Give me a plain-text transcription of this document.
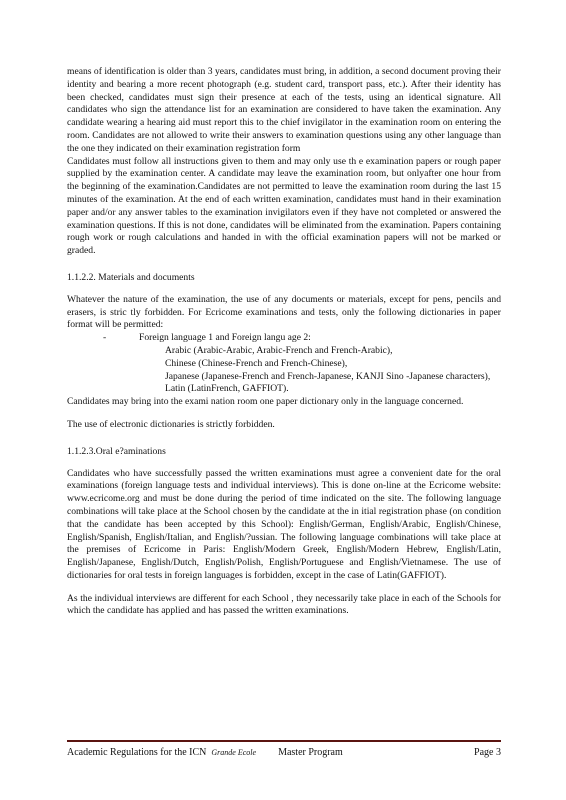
means of identification is older than 3 years, candidates must bring, in addition, a second document proving their identity and bearing a more recent photograph (e.g. student card, transport pass, etc.). After their identity has been checked, candidates must sign their presence at each of the tests, using an identical signature. All candidates who sign the attendance list for an examination are considered to have taken the examination. Any candidate wearing a hearing aid must report this to the chief invigilator in the examination room on entering the room. Candidates are not allowed to write their answers to examination questions using any other language than the one they indicated on their examination registration form

Candidates must follow all instructions given to them and may only use th e examination papers or rough paper supplied by the examination center. A candidate may leave the examination room, but onlyafter one hour from the beginning of the examination.Candidates are not permitted to leave the examination room during the last 15 minutes of the examination. At the end of each written examination, candidates must hand in their examination paper and/or any answer tables to the examination invigilators even if they have not completed or answered the examination questions. If this is not done, candidates will be eliminated from the examination. Papers containing rough work or rough calculations and handed in with the official examination papers will not be marked or graded.

1.1.2.2. Materials and documents

Whatever the nature of the examination, the use of any documents or materials, except for pens, pencils and erasers, is stric tly forbidden. For Ecricome examinations and tests, only the following dictionaries in paper format will be permitted:

-	Foreign language 1 and Foreign langu age 2:

Arabic (Arabic-Arabic, Arabic-French and French-Arabic),

Chinese (Chinese-French and French-Chinese),

Japanese (Japanese-French and French-Japanese, KANJI Sino -Japanese characters),

Latin (LatinFrench, GAFFIOT).

Candidates may bring into the exami nation room one paper dictionary only in the language concerned.

The use of electronic dictionaries is strictly forbidden.

1.1.2.3.Oral e?aminations

Candidates who have successfully passed the written examinations must agree a convenient date for the oral examinations (foreign language tests and individual interviews). This is done on-line at the Ecricome website: www.ecricome.org and must be done during the period of time indicated on the site. The following language combinations will take place at the School chosen by the candidate at the in itial registration phase (on condition that the candidate has been accepted by this School): English/German, English/Arabic, English/Chinese, English/Spanish, English/Italian, and English/?ussian. The following language combinations will take place at the premises of Ecricome in Paris: English/Modern Greek, English/Modern Hebrew, English/Latin, English/Japanese, English/Dutch, English/Polish, English/Portuguese and English/Vietnamese. The use of dictionaries for oral tests in foreign languages is forbidden, except in the case of Latin(GAFFIOT).

As the individual interviews are different for each School , they necessarily take place in each of the Schools for which the candidate has applied and has passed the written examinations.

Academic Regulations for the ICN Grande Ecole Master Program	Page 3
